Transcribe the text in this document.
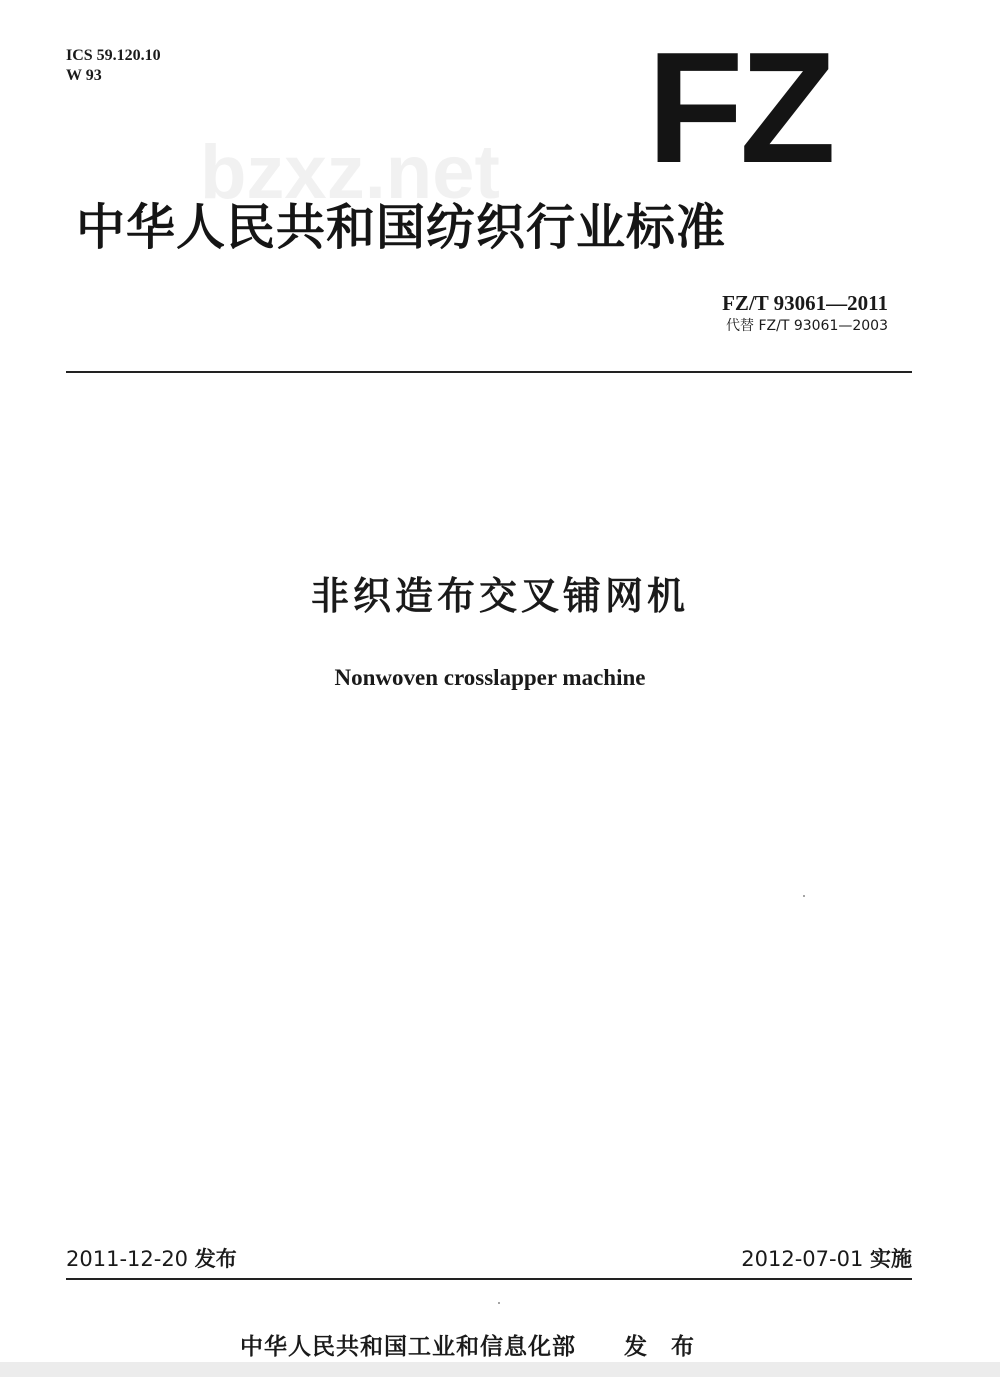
ICS 59.120.10
W 93
bzxz.net FZ
中华人民共和国纺织行业标准
FZ/T 93061—2011
代替 FZ/T 93061—2003
非织造布交叉铺网机
Nonwoven crosslapper machine
2011-12-20 发布	2012-07-01 实施
中华人民共和国工业和信息化部 发 布
